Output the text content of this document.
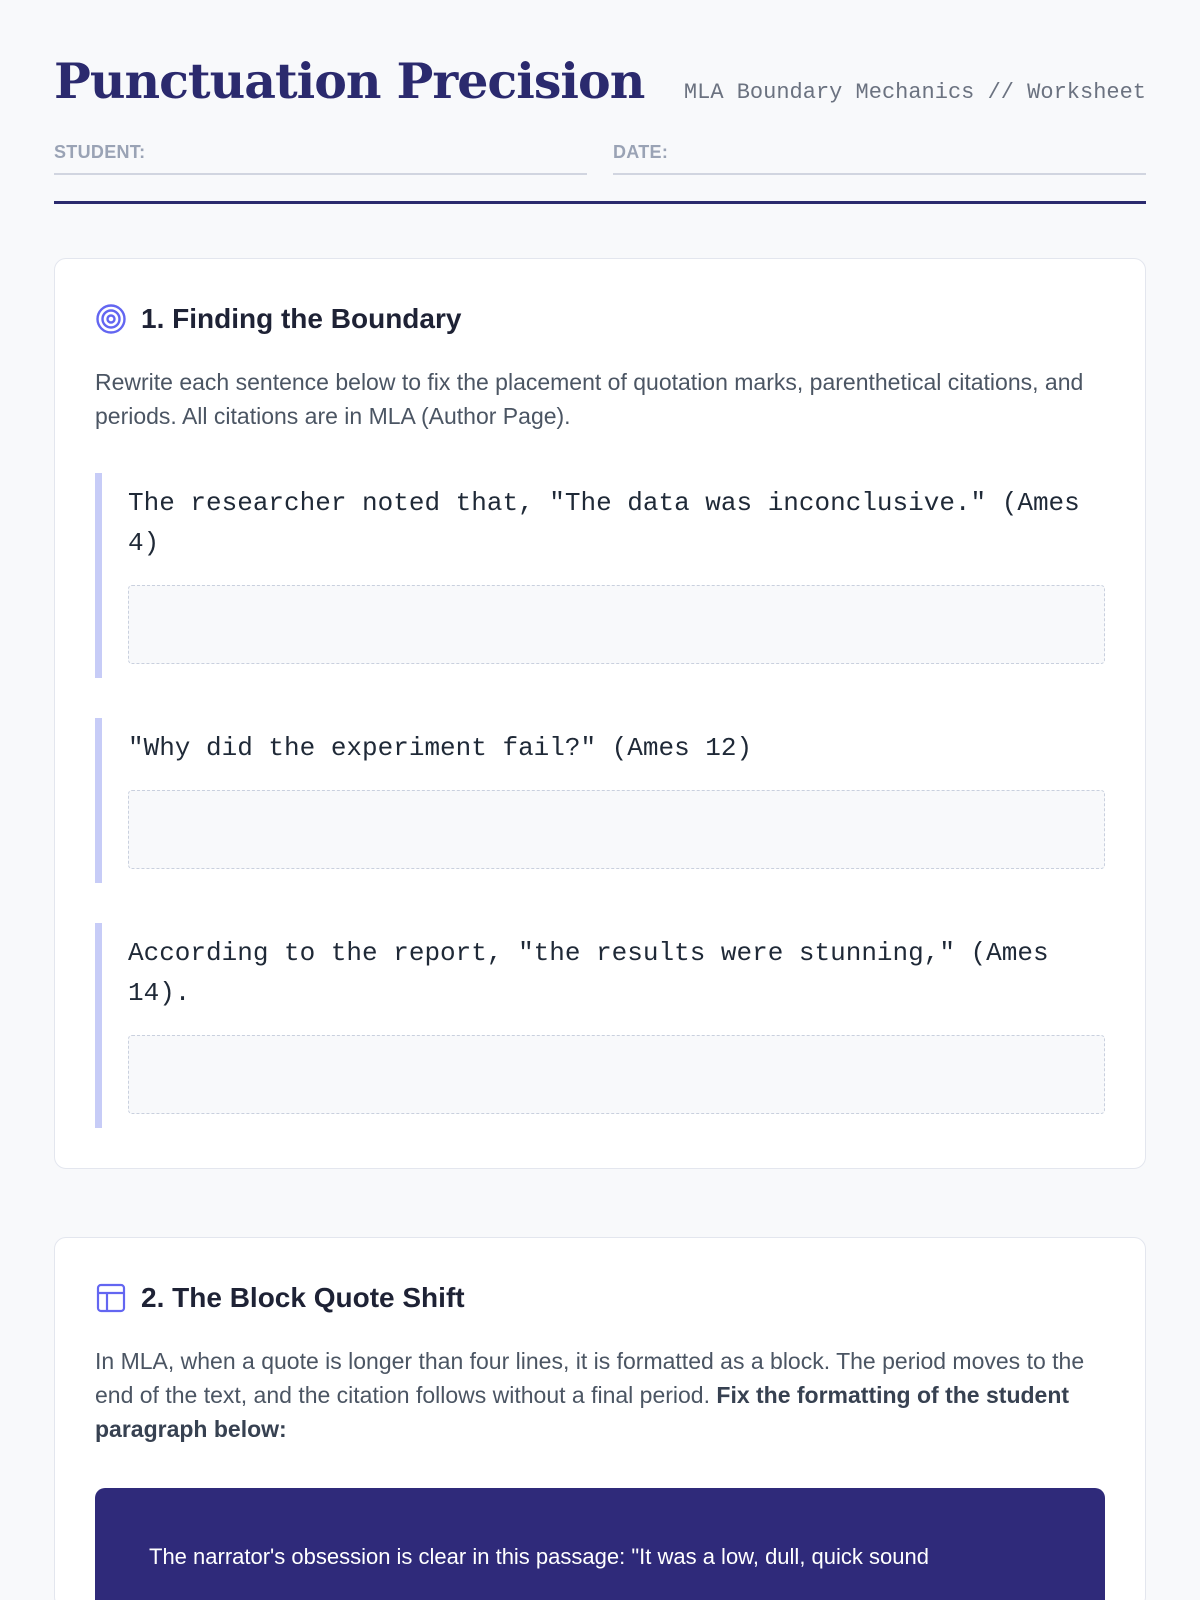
Punctuation Precision MLA Boundary Mechanics // Worksheet
STUDENT:	DATE:
1. Finding the Boundary

Rewrite each sentence below to fix the placement of quotation marks, parenthetical citations, and periods. All citations are in MLA (Author Page).

The researcher noted that, "The data was inconclusive." (Ames 4)
"Why did the experiment fail?" (Ames 12)
According to the report, "the results were stunning," (Ames 14).
2. The Block Quote Shift

In MLA, when a quote is longer than four lines, it is formatted as a block. The period moves to the end of the text, and the citation follows without a final period. Fix the formatting of the student paragraph below:

The narrator's obsession is clear in this passage: "It was a low, dull, quick sound
